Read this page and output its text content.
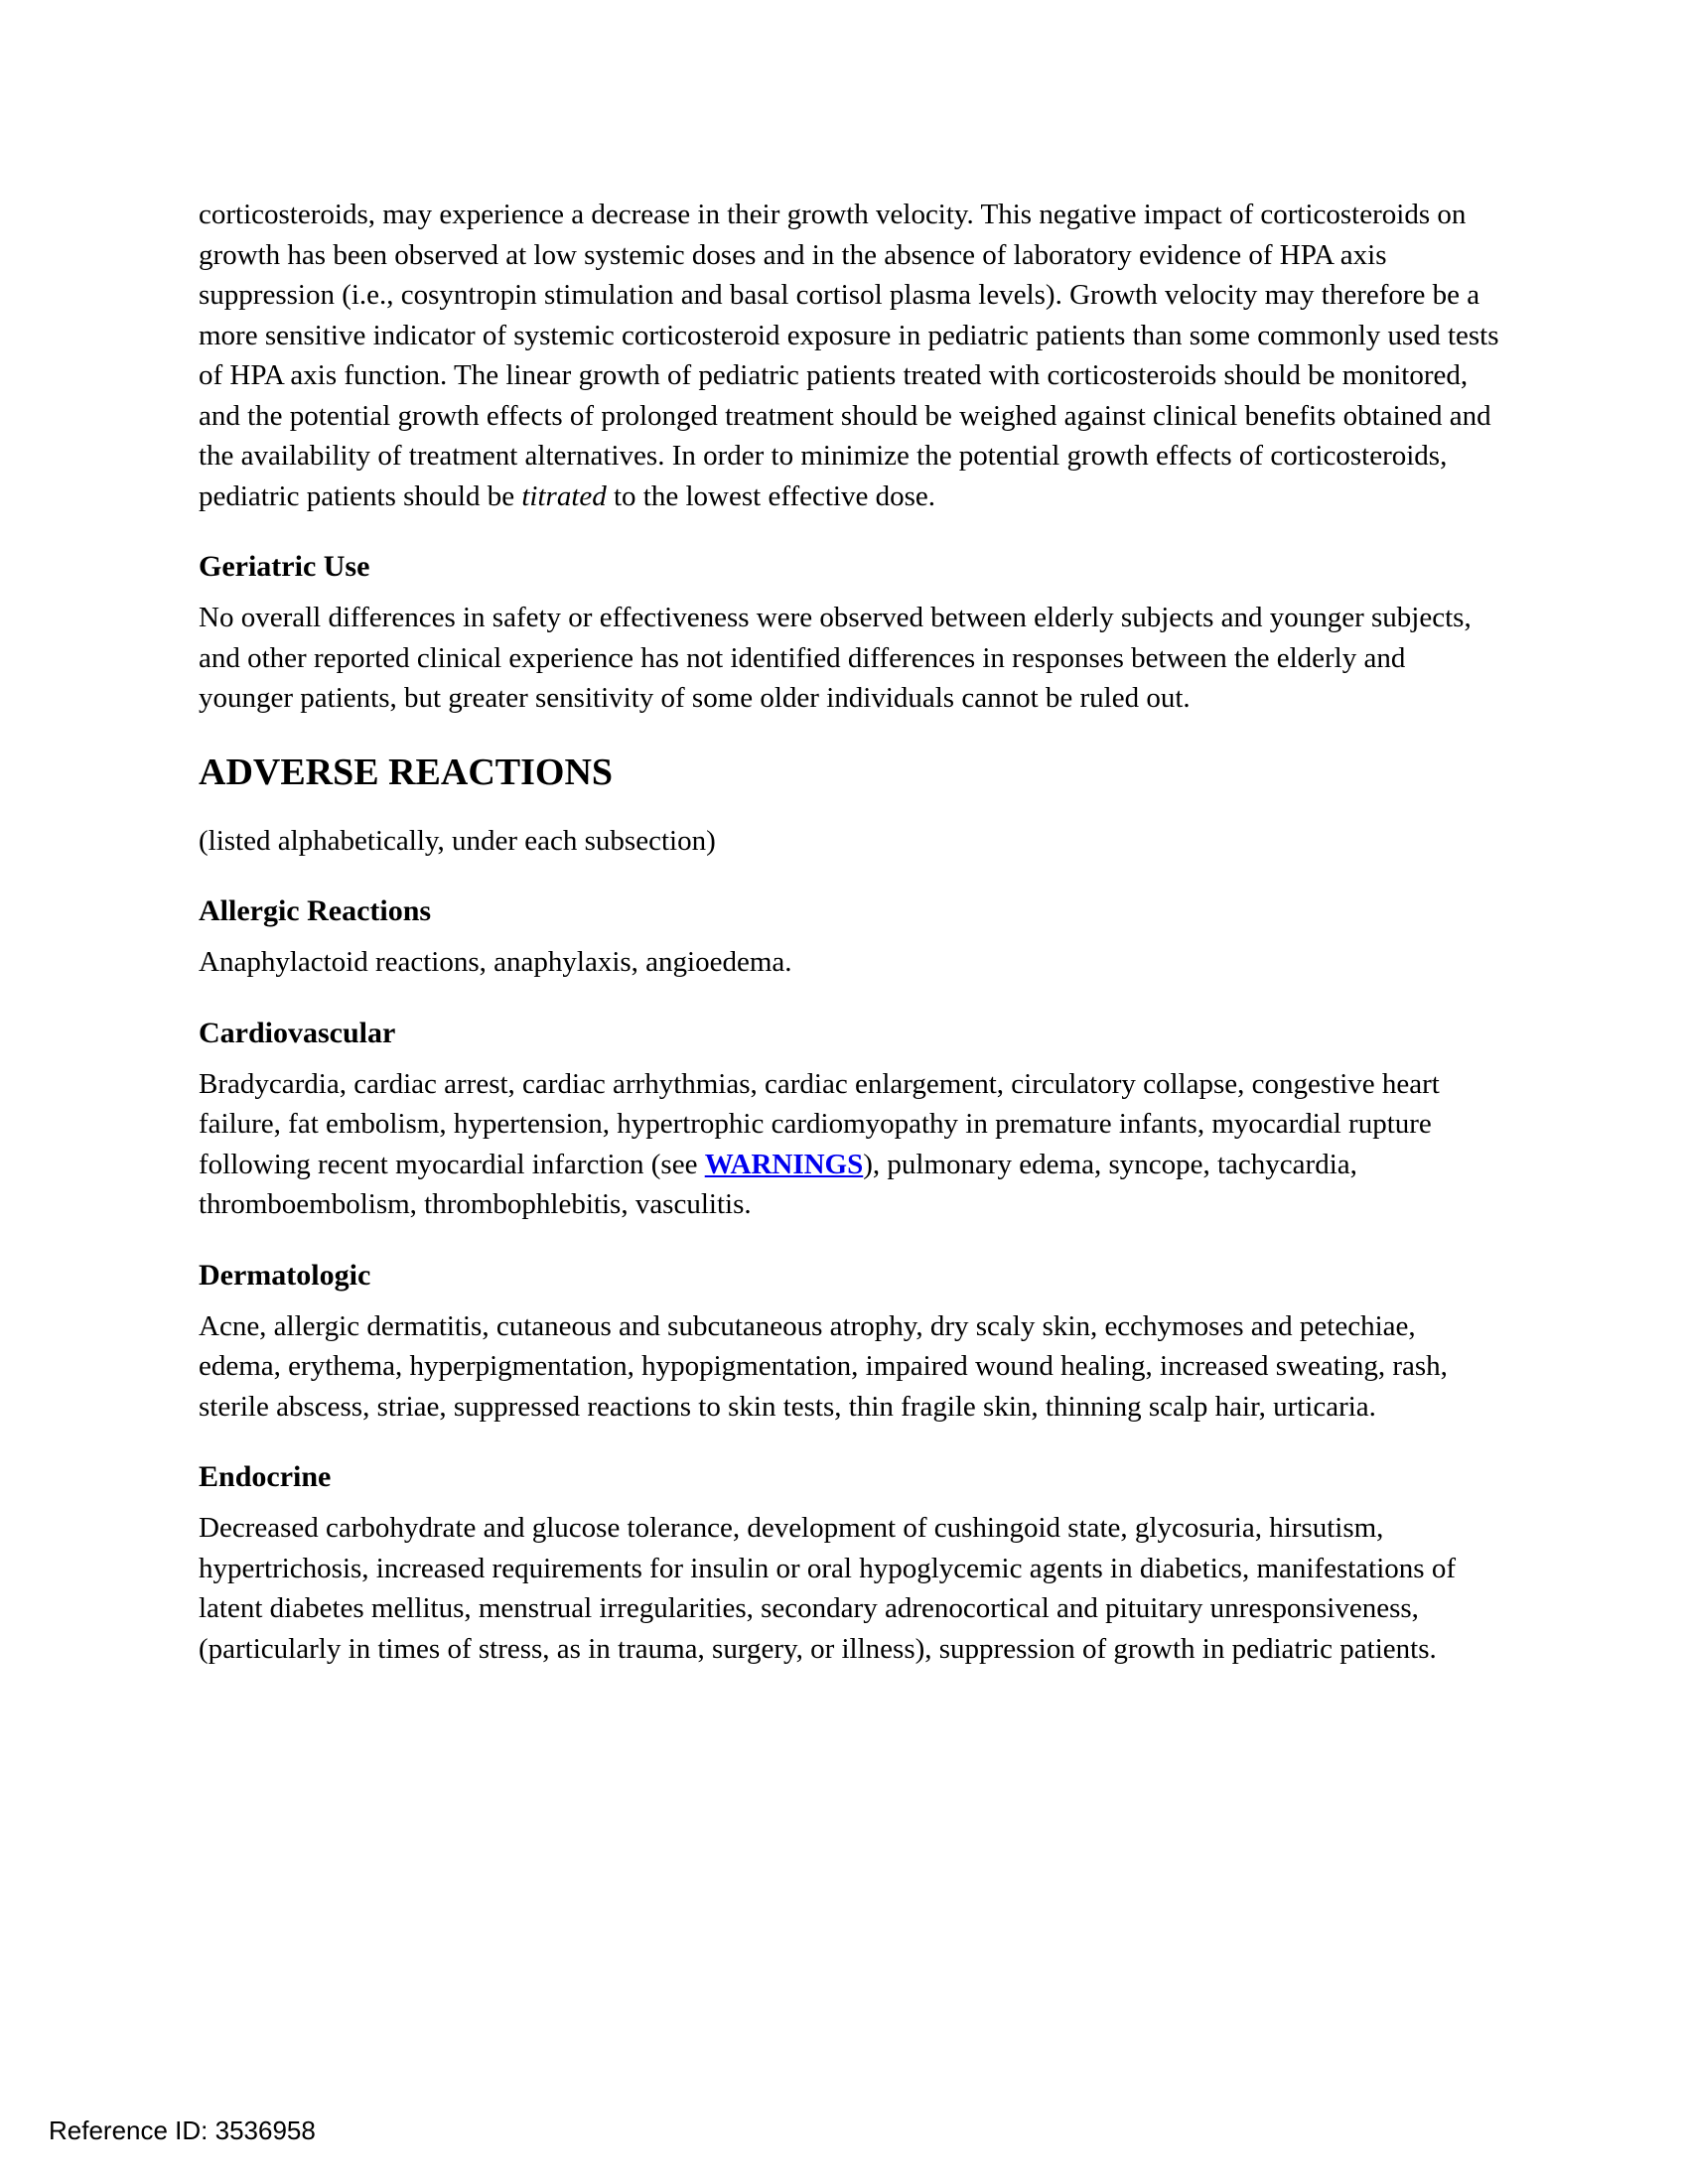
corticosteroids, may experience a decrease in their growth velocity. This negative impact of corticosteroids on growth has been observed at low systemic doses and in the absence of laboratory evidence of HPA axis suppression (i.e., cosyntropin stimulation and basal cortisol plasma levels). Growth velocity may therefore be a more sensitive indicator of systemic corticosteroid exposure in pediatric patients than some commonly used tests of HPA axis function. The linear growth of pediatric patients treated with corticosteroids should be monitored, and the potential growth effects of prolonged treatment should be weighed against clinical benefits obtained and the availability of treatment alternatives. In order to minimize the potential growth effects of corticosteroids, pediatric patients should be titrated to the lowest effective dose.

Geriatric Use

No overall differences in safety or effectiveness were observed between elderly subjects and younger subjects, and other reported clinical experience has not identified differences in responses between the elderly and younger patients, but greater sensitivity of some older individuals cannot be ruled out.

ADVERSE REACTIONS

(listed alphabetically, under each subsection)

Allergic Reactions

Anaphylactoid reactions, anaphylaxis, angioedema.

Cardiovascular

Bradycardia, cardiac arrest, cardiac arrhythmias, cardiac enlargement, circulatory collapse, congestive heart failure, fat embolism, hypertension, hypertrophic cardiomyopathy in premature infants, myocardial rupture following recent myocardial infarction (see WARNINGS), pulmonary edema, syncope, tachycardia, thromboembolism, thrombophlebitis, vasculitis.

Dermatologic

Acne, allergic dermatitis, cutaneous and subcutaneous atrophy, dry scaly skin, ecchymoses and petechiae, edema, erythema, hyperpigmentation, hypopigmentation, impaired wound healing, increased sweating, rash, sterile abscess, striae, suppressed reactions to skin tests, thin fragile skin, thinning scalp hair, urticaria.

Endocrine

Decreased carbohydrate and glucose tolerance, development of cushingoid state, glycosuria, hirsutism, hypertrichosis, increased requirements for insulin or oral hypoglycemic agents in diabetics, manifestations of latent diabetes mellitus, menstrual irregularities, secondary adrenocortical and pituitary unresponsiveness, (particularly in times of stress, as in trauma, surgery, or illness), suppression of growth in pediatric patients.

Reference ID: 3536958
